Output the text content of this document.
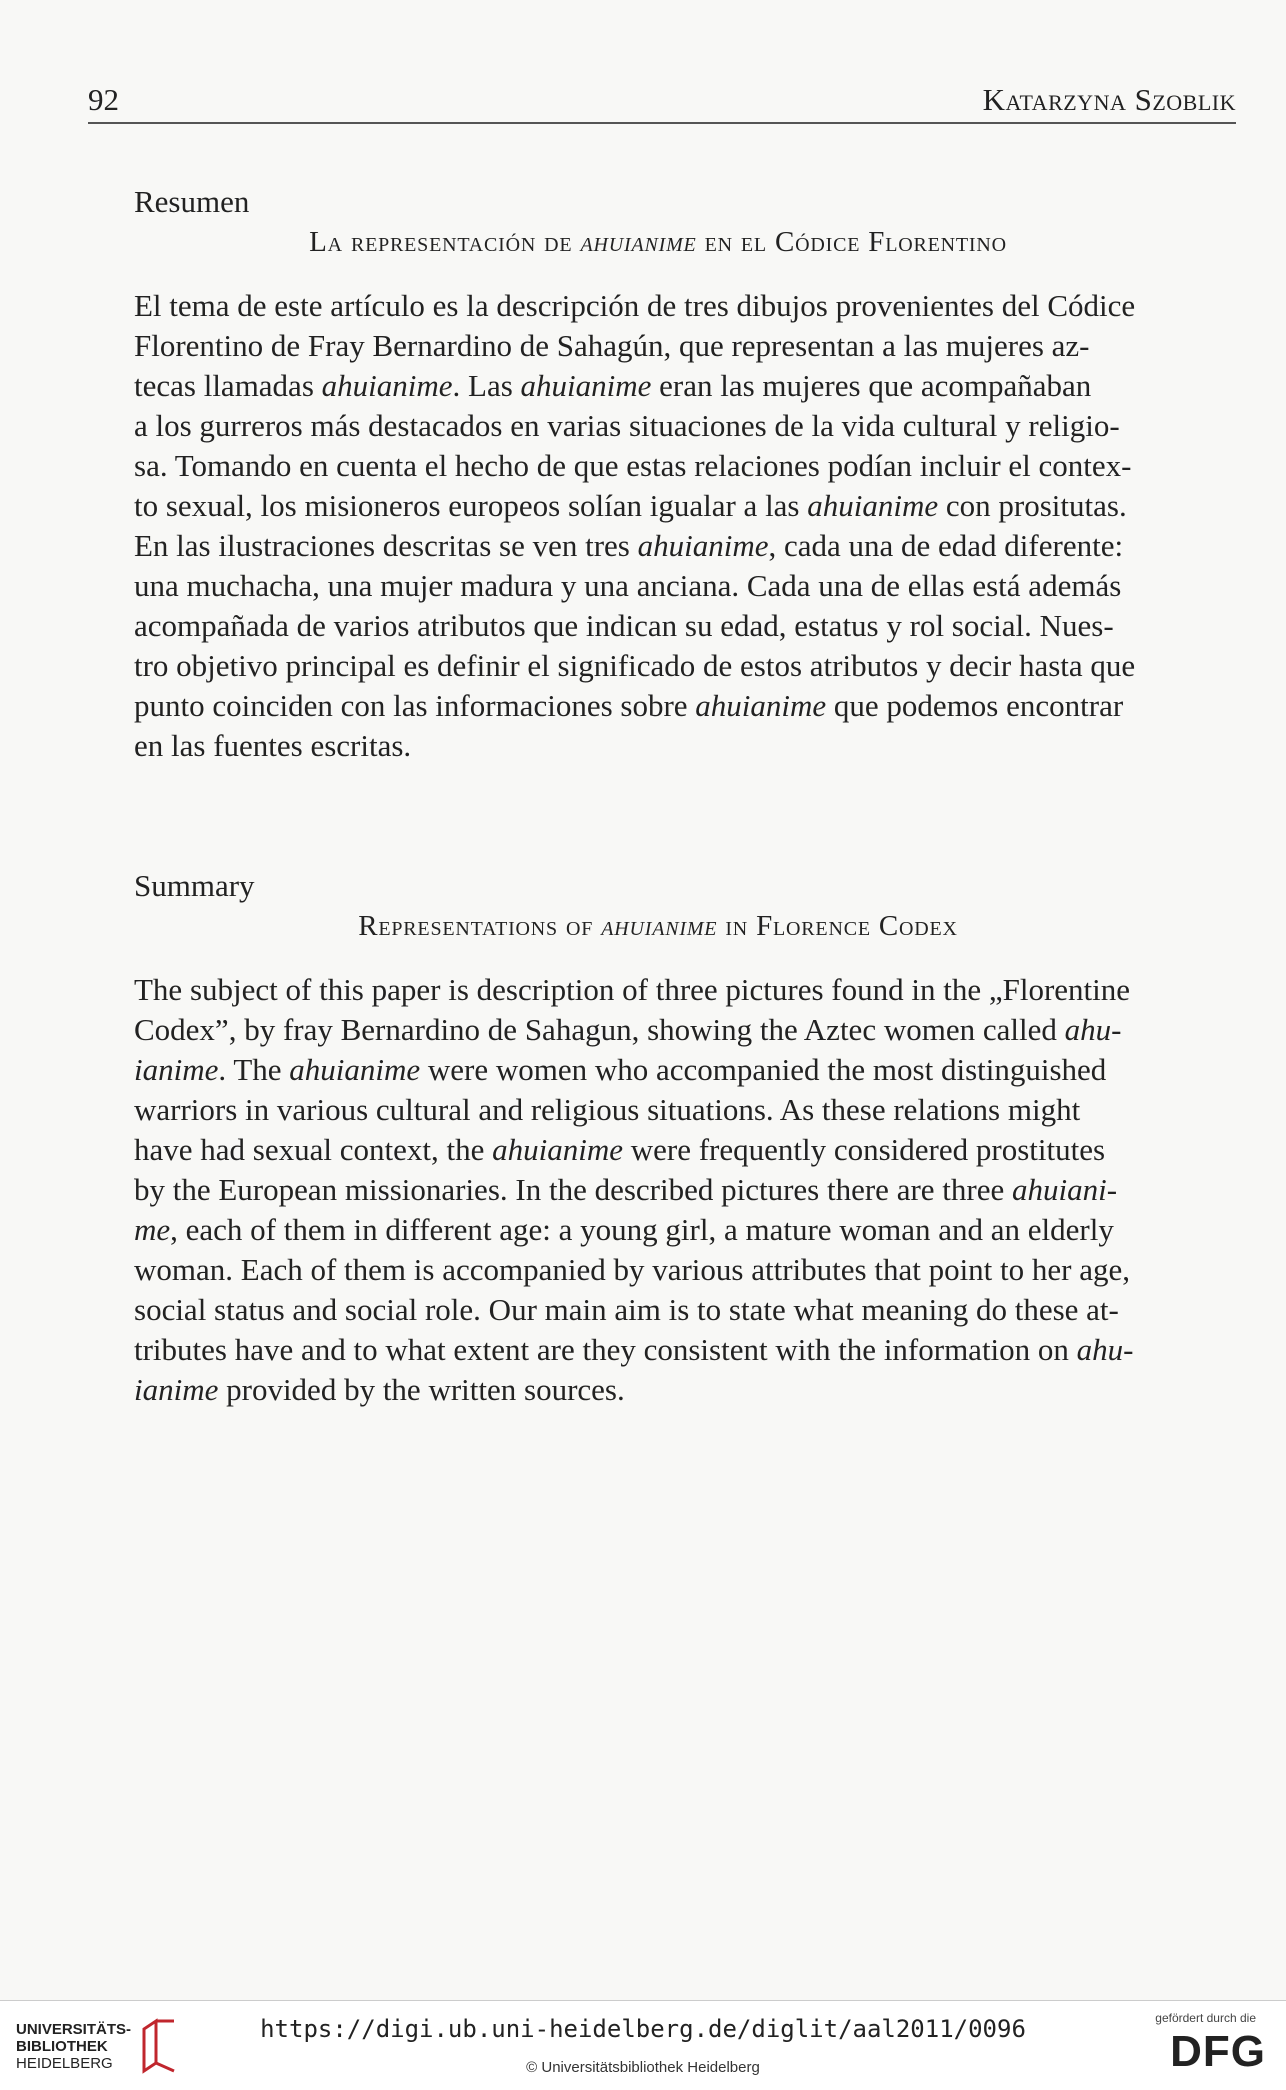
92	Katarzyna Szoblik
Resumen
La representación de ahuianime en el Códice Florentino
El tema de este artículo es la descripción de tres dibujos provenientes del Códice
Florentino de Fray Bernardino de Sahagún, que representan a las mujeres az-
tecas llamadas ahuianime. Las ahuianime eran las mujeres que acompañaban
a los gurreros más destacados en varias situaciones de la vida cultural y religio-
sa. Tomando en cuenta el hecho de que estas relaciones podían incluir el contex-
to sexual, los misioneros europeos solían igualar a las ahuianime con prositutas.
En las ilustraciones descritas se ven tres ahuianime, cada una de edad diferente:
una muchacha, una mujer madura y una anciana. Cada una de ellas está además
acompañada de varios atributos que indican su edad, estatus y rol social. Nues-
tro objetivo principal es definir el significado de estos atributos y decir hasta que
punto coinciden con las informaciones sobre ahuianime que podemos encontrar
en las fuentes escritas.
Summary
Representations of ahuianime in Florence Codex
The subject of this paper is description of three pictures found in the „Florentine
Codex”, by fray Bernardino de Sahagun, showing the Aztec women called ahu-
ianime. The ahuianime were women who accompanied the most distinguished
warriors in various cultural and religious situations. As these relations might
have had sexual context, the ahuianime were frequently considered prostitutes
by the European missionaries. In the described pictures there are three ahuiani-
me, each of them in different age: a young girl, a mature woman and an elderly
woman. Each of them is accompanied by various attributes that point to her age,
social status and social role. Our main aim is to state what meaning do these at-
tributes have and to what extent are they consistent with the information on ahu-
ianime provided by the written sources.
UNIVERSITÄTS-
BIBLIOTHEK
HEIDELBERG
https://digi.ub.uni-heidelberg.de/diglit/aal2011/0096
© Universitätsbibliothek Heidelberg
gefördert durch die
DFG
